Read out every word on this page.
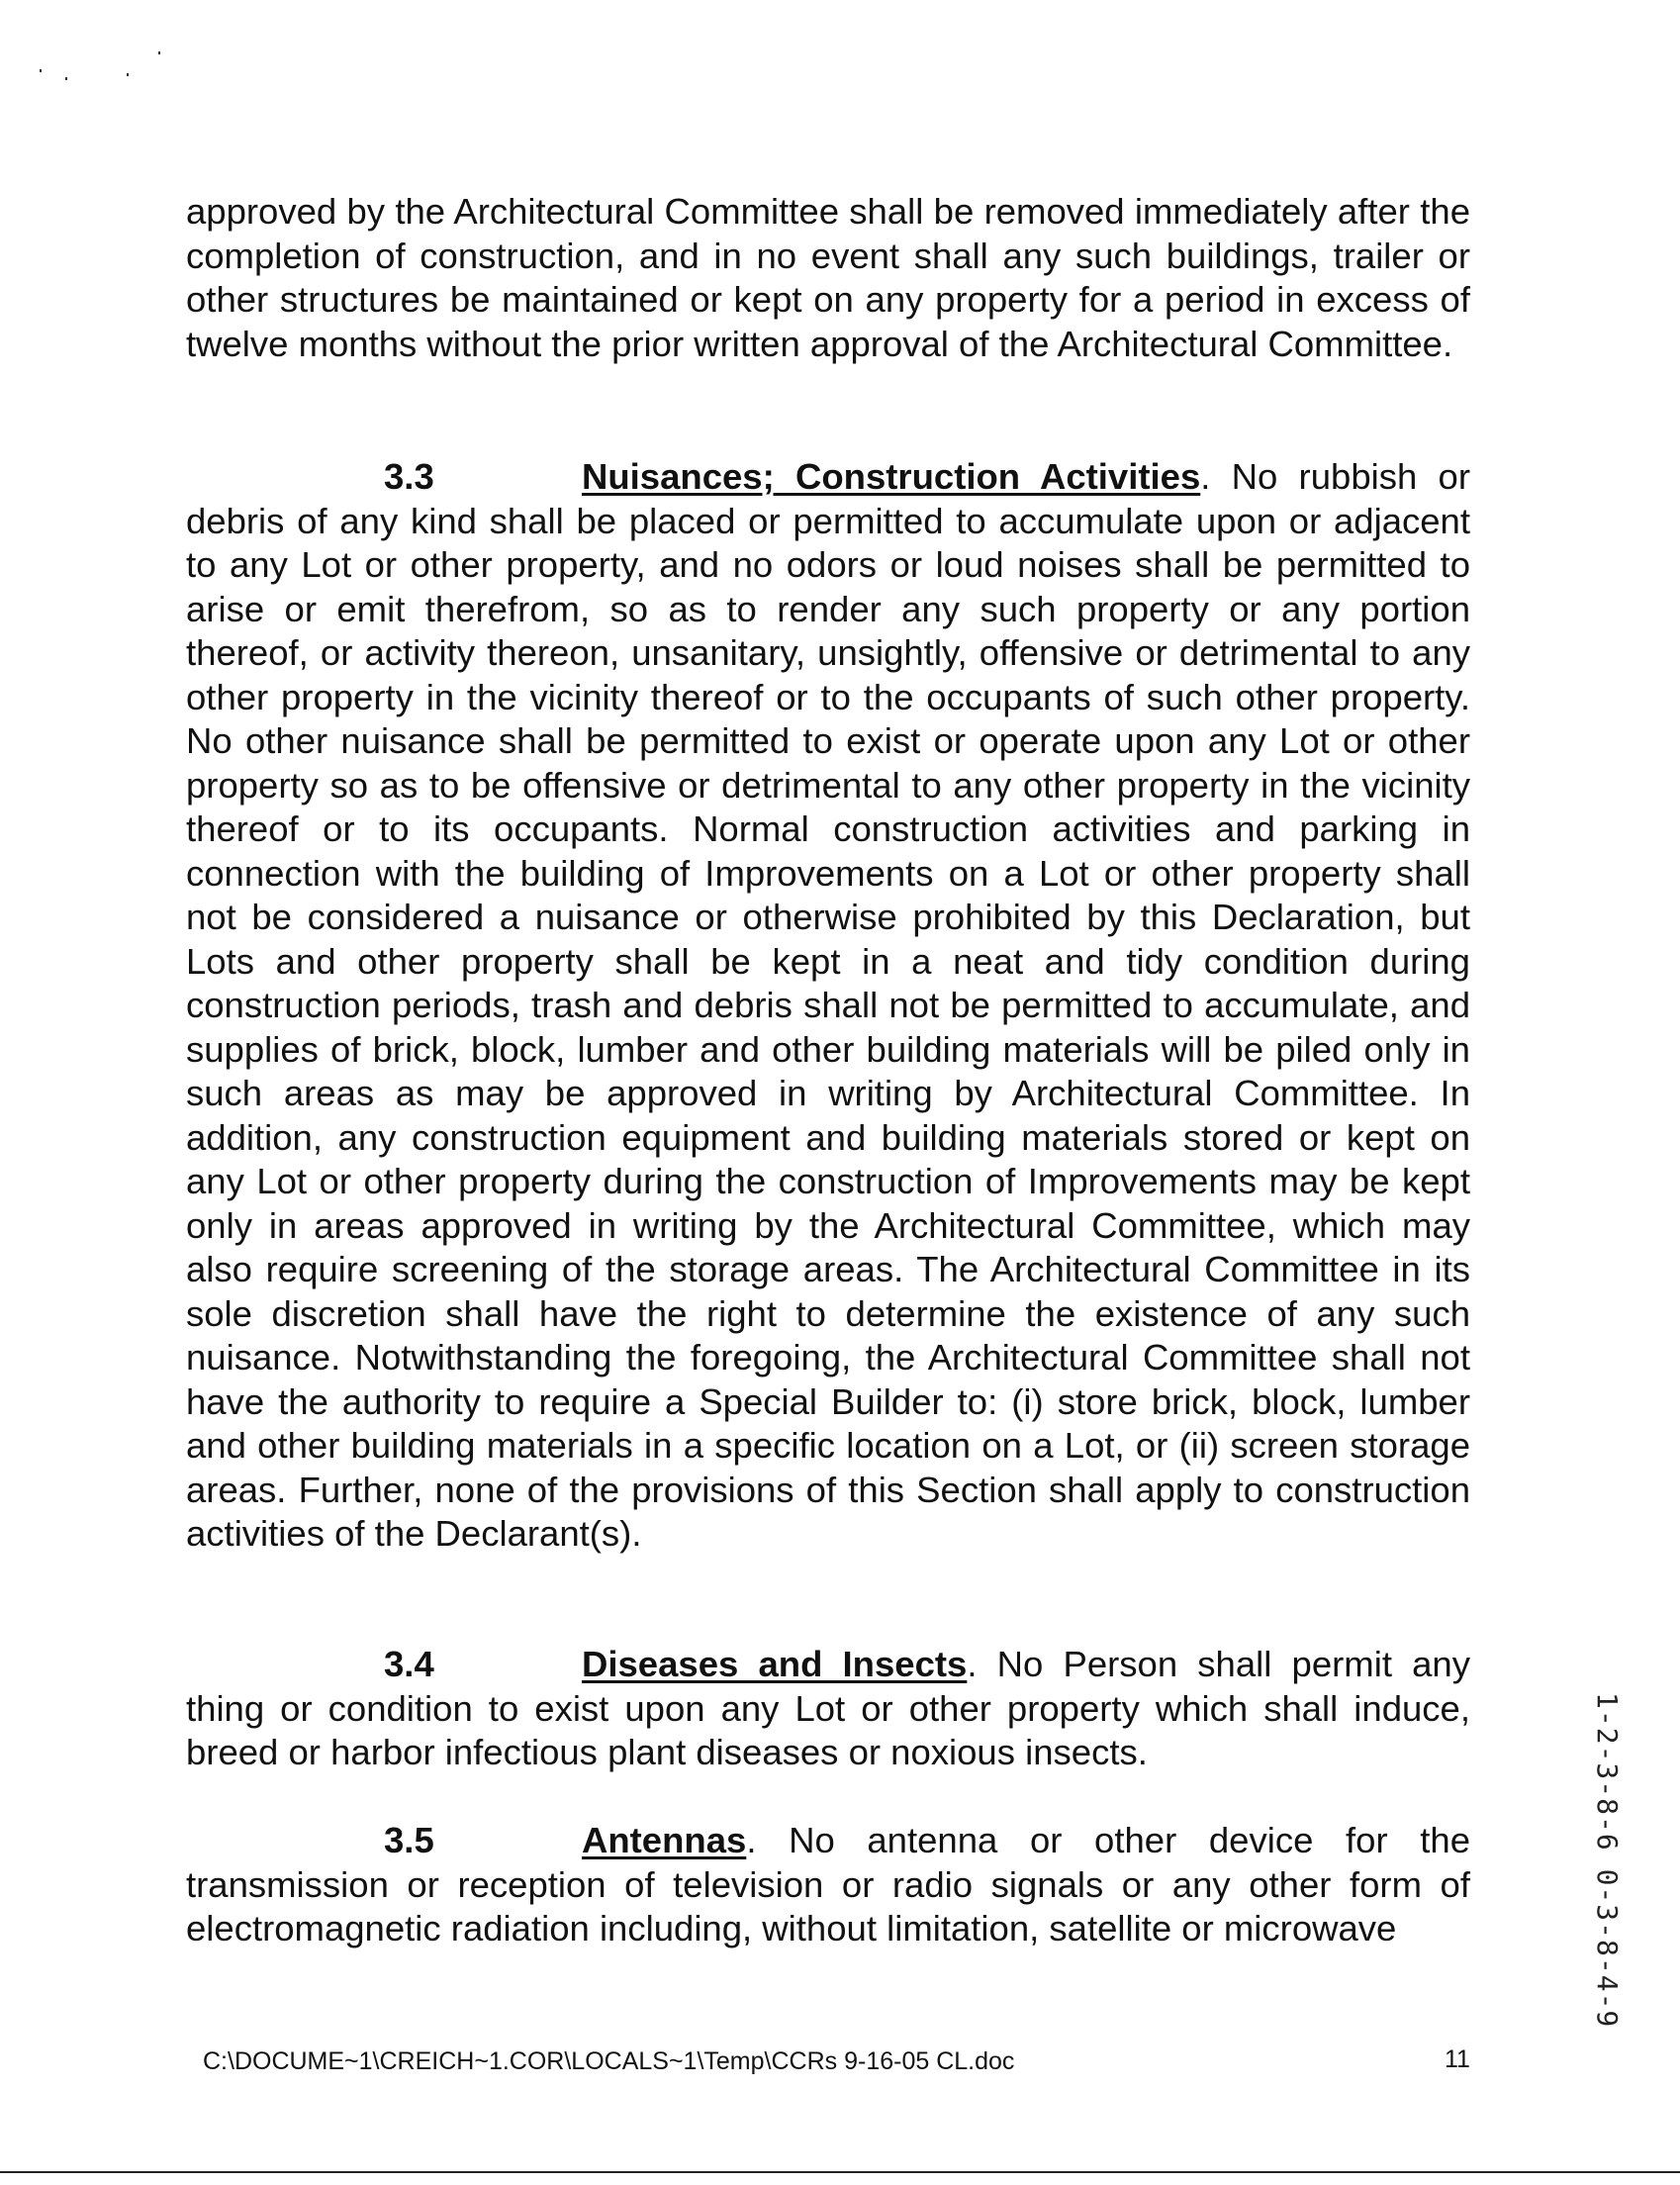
approved by the Architectural Committee shall be removed immediately after the completion of construction, and in no event shall any such buildings, trailer or other structures be maintained or kept on any property for a period in excess of twelve months without the prior written approval of the Architectural Committee.

3.3	Nuisances; Construction Activities. No rubbish or debris of any kind shall be placed or permitted to accumulate upon or adjacent to any Lot or other property, and no odors or loud noises shall be permitted to arise or emit therefrom, so as to render any such property or any portion thereof, or activity thereon, unsanitary, unsightly, offensive or detrimental to any other property in the vicinity thereof or to the occupants of such other property. No other nuisance shall be permitted to exist or operate upon any Lot or other property so as to be offensive or detrimental to any other property in the vicinity thereof or to its occupants. Normal construction activities and parking in connection with the building of Improvements on a Lot or other property shall not be considered a nuisance or otherwise prohibited by this Declaration, but Lots and other property shall be kept in a neat and tidy condition during construction periods, trash and debris shall not be permitted to accumulate, and supplies of brick, block, lumber and other building materials will be piled only in such areas as may be approved in writing by Architectural Committee. In addition, any construction equipment and building materials stored or kept on any Lot or other property during the construction of Improvements may be kept only in areas approved in writing by the Architectural Committee, which may also require screening of the storage areas. The Architectural Committee in its sole discretion shall have the right to determine the existence of any such nuisance. Notwithstanding the foregoing, the Architectural Committee shall not have the authority to require a Special Builder to: (i) store brick, block, lumber and other building materials in a specific location on a Lot, or (ii) screen storage areas. Further, none of the provisions of this Section shall apply to construction activities of the Declarant(s).

3.4	Diseases and Insects. No Person shall permit any thing or condition to exist upon any Lot or other property which shall induce, breed or harbor infectious plant diseases or noxious insects.

3.5	Antennas. No antenna or other device for the transmission or reception of television or radio signals or any other form of electromagnetic radiation including, without limitation, satellite or microwave	1-2-3-8-6 0-3-8-4-9

C:\DOCUME~1\CREICH~1.COR\LOCALS~1\Temp\CCRs 9-16-05 CL.doc	11
